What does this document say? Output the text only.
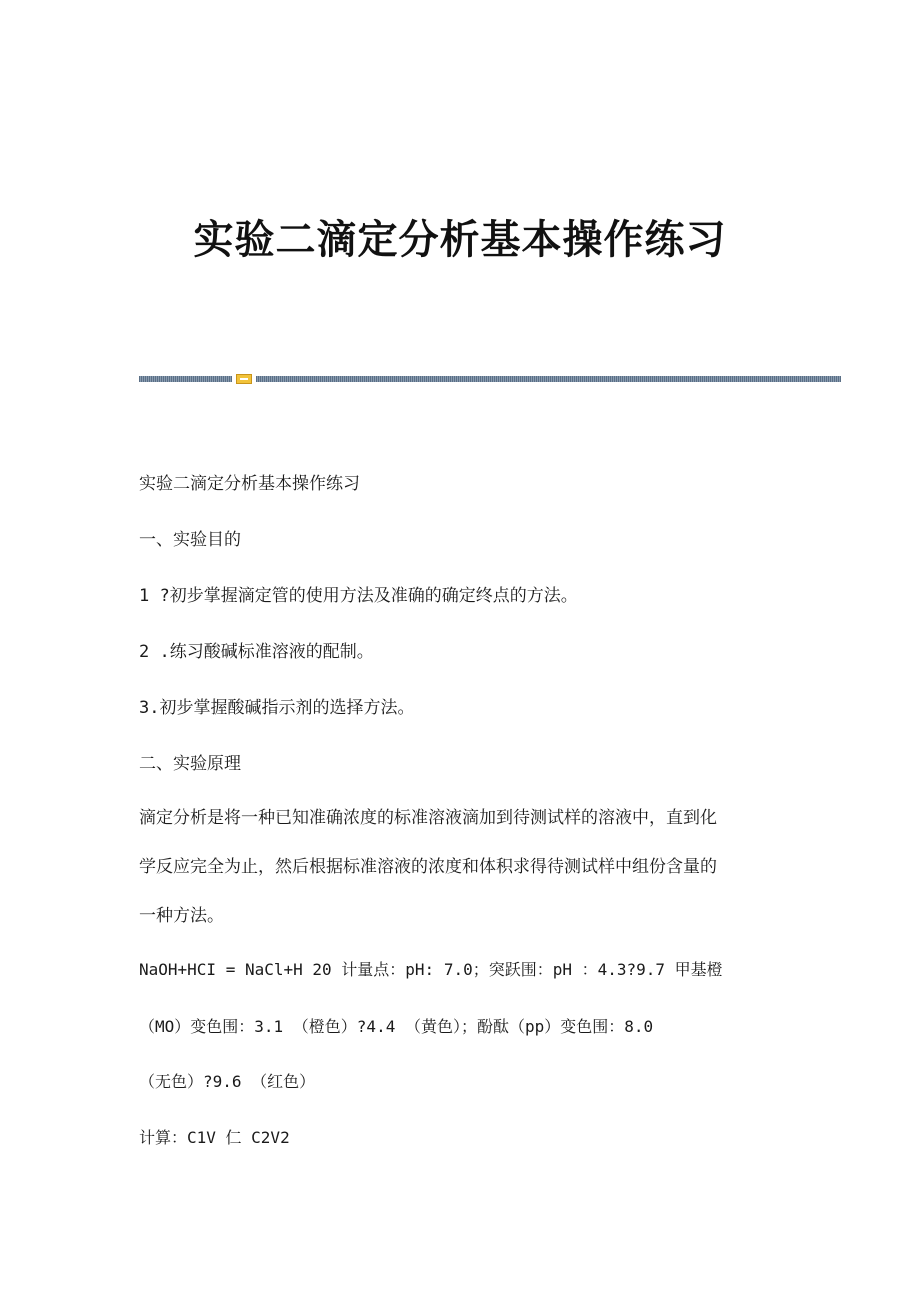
实验二滴定分析基本操作练习

实验二滴定分析基本操作练习

一、实验目的

1 ?初步掌握滴定管的使用方法及准确的确定终点的方法。

2 .练习酸碱标准溶液的配制。

3.初步掌握酸碱指示剂的选择方法。

二、实验原理

滴定分析是将一种已知准确浓度的标准溶液滴加到待测试样的溶液中，直到化

学反应完全为止，然后根据标准溶液的浓度和体积求得待测试样中组份含量的

一种方法。

NaOH+HCI = NaCl+H 20 计量点：pH: 7.0；突跃围：pH ：4.3?9.7 甲基橙

（MO）变色围：3.1 （橙色）?4.4 （黄色）；酚酞（pp）变色围：8.0

（无色）?9.6 （红色）

计算：C1V 仁 C2V2
